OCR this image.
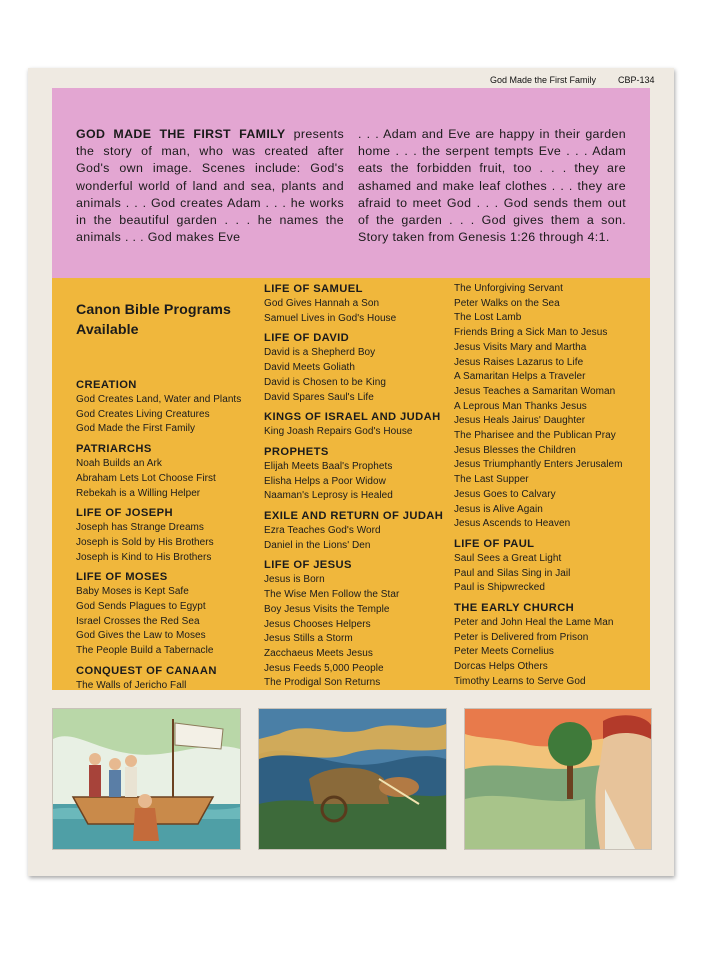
God Made the First Family CBP-134
GOD MADE THE FIRST FAMILY presents the story of man, who was created after God's own image. Scenes include: God's wonderful world of land and sea, plants and animals . . . God creates Adam . . . he works in the beautiful garden . . . he names the animals . . . God makes Eve
. . . Adam and Eve are happy in their garden home . . . the serpent tempts Eve . . . Adam eats the forbidden fruit, too . . . they are ashamed and make leaf clothes . . . they are afraid to meet God . . . God sends them out of the garden . . . God gives them a son. Story taken from Genesis 1:26 through 4:1.
Canon Bible Programs Available
CREATION
God Creates Land, Water and Plants
God Creates Living Creatures
God Made the First Family
PATRIARCHS
Noah Builds an Ark
Abraham Lets Lot Choose First
Rebekah is a Willing Helper
LIFE OF JOSEPH
Joseph has Strange Dreams
Joseph is Sold by His Brothers
Joseph is Kind to His Brothers
LIFE OF MOSES
Baby Moses is Kept Safe
God Sends Plagues to Egypt
Israel Crosses the Red Sea
God Gives the Law to Moses
The People Build a Tabernacle
CONQUEST OF CANAAN
The Walls of Jericho Fall
LIFE OF SAMUEL
God Gives Hannah a Son
Samuel Lives in God's House
LIFE OF DAVID
David is a Shepherd Boy
David Meets Goliath
David is Chosen to be King
David Spares Saul's Life
KINGS OF ISRAEL AND JUDAH
King Joash Repairs God's House
PROPHETS
Elijah Meets Baal's Prophets
Elisha Helps a Poor Widow
Naaman's Leprosy is Healed
EXILE AND RETURN OF JUDAH
Ezra Teaches God's Word
Daniel in the Lions' Den
LIFE OF JESUS
Jesus is Born
The Wise Men Follow the Star
Boy Jesus Visits the Temple
Jesus Chooses Helpers
Jesus Stills a Storm
Zacchaeus Meets Jesus
Jesus Feeds 5,000 People
The Prodigal Son Returns
The Unforgiving Servant
Peter Walks on the Sea
The Lost Lamb
Friends Bring a Sick Man to Jesus
Jesus Visits Mary and Martha
Jesus Raises Lazarus to Life
A Samaritan Helps a Traveler
Jesus Teaches a Samaritan Woman
A Leprous Man Thanks Jesus
Jesus Heals Jairus' Daughter
The Pharisee and the Publican Pray
Jesus Blesses the Children
Jesus Triumphantly Enters Jerusalem
The Last Supper
Jesus Goes to Calvary
Jesus is Alive Again
Jesus Ascends to Heaven
LIFE OF PAUL
Saul Sees a Great Light
Paul and Silas Sing in Jail
Paul is Shipwrecked
THE EARLY CHURCH
Peter and John Heal the Lame Man
Peter is Delivered from Prison
Peter Meets Cornelius
Dorcas Helps Others
Timothy Learns to Serve God
